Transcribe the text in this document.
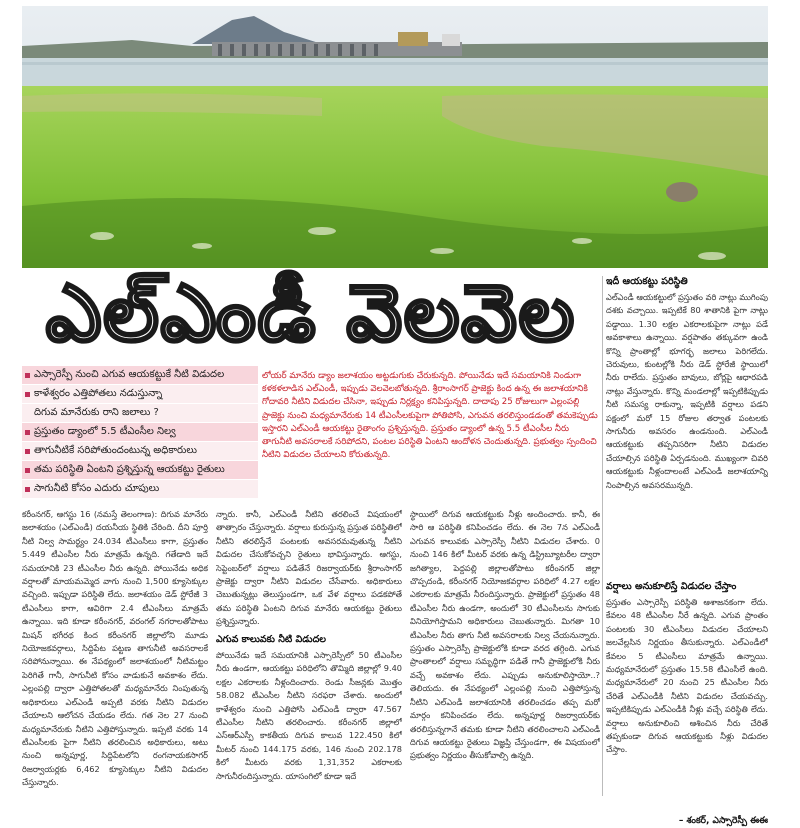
ఎల్‌ఎండీ వెలవెల
ఎస్సారెస్పీ నుంచి ఎగువ ఆయకట్టుకే నీటి విడుదల
కాళేశ్వరం ఎత్తిపోతలు నడుస్తున్నా
దిగువ మానేరుకు రాని జలాలు ?
ప్రస్తుతం డ్యాంలో 5.5 టీఎంసీల నిల్వ
తాగునీటికే సరిపోతుందంటున్న అధికారులు
తమ పరిస్థితి ఏంటని ప్రశ్నిస్తున్న ఆయకట్టు రైతులు
సాగునీటి కోసం ఎదురు చూపులు
లోయర్ మానేరు డ్యాం జలాశయం అట్టడుగుకు చేరుకున్నది. పోయినేడు ఇదే సమయానికి నిండుగా కళకళలాడిన ఎల్‌ఎండీ, ఇప్పుడు వెలవెలబోతున్నది. శ్రీరాంసాగర్ ప్రాజెక్టు కింద ఉన్న ఈ జలాశయానికి గోదావరి నీటిని విడుదల చేసినా, ఇప్పుడు నిర్లక్ష్యం కనిపిస్తున్నది. దాదాపు 25 రోజులుగా ఎల్లంపల్లి ప్రాజెక్టు నుంచి మధ్యమానేరుకు 14 టీఎంసీలకుపైగా పోతిపోసి, ఎగువన తరలిస్తుండడంతో తమకెప్పుడు ఇస్తారని ఎల్‌ఎండీ ఆయకట్టు రైతాంగం ప్రశ్నిస్తున్నది. ప్రస్తుతం డ్యాంలో ఉన్న 5.5 టీఎంసీల నీరు తాగునీటి అవసరాలకే సరిపోదని, పంటల పరిస్థితి ఏంటని ఆందోళన చెందుతున్నది. ప్రభుత్వం స్పందించి నీటిని విడుదల చేయాలని కోరుతున్నది.
కరీంనగర్, ఆగస్టు 16 (నమస్తే తెలంగాణ): దిగువ మానేరు జలాశయం (ఎల్‌ఎండీ) దయనీయ స్థితికి చేరింది. దీని పూర్తి నీటి నిల్వ సామర్థ్యం 24.034 టీఎంసీలు కాగా, ప్రస్తుతం 5.449 టీఎంసీల నీరు మాత్రమే ఉన్నది. గతేడాది ఇదే సమయానికి 23 టీఎంసీల నీరు ఉన్నది. పోయినేడు అధిక వర్షాలతో మాయమమ్మెద వాగు నుంచి 1,500 క్యూసెక్కుల వచ్చింది. ఇప్పుడా పరిస్థితి లేదు. జలాశయం డెడ్ స్టోరేజీ 3 టీఎంసీలు కాగా, ఆవిరిగా 2.4 టీఎంసీలు మాత్రమే ఉన్నాయి. ఇది కూడా కరీంనగర్, వరంగల్ నగరాలతోపాటు మిషన్ భగీరథ కింద కరీంనగర్ జిల్లాలోని మూడు నియోజకవర్గాలు, సిద్దిపేట పట్టణ తాగునీటి అవసరాలకే సరిపోనున్నాయి. ఈ నేపథ్యంలో జలాశయంలో నీటిమట్టం పెరిగితే గానీ, సాగునీటి కోసం వాడుకునే అవకాశం లేదు. ఎల్లంపల్లి ద్వారా ఎత్తిపోతలతో మధ్యమానేరు నింపుతున్న అధికారులు ఎల్‌ఎండీ అప్పటి వరకు నీటిని విడుదల చేయాలని ఆలోచన చేయడం లేదు. గత నెల 27 నుంచి మధ్యమానేరుకు నీటిని ఎత్తిపోస్తున్నారు. ఇప్పటి వరకు 14 టీఎంసీలకు పైగా నీటిని తరలించిన అధికారులు, అటు నుంచి అన్నపూర్ణ, సిద్దిపేటలోని రంగనాయకసాగర్ రిజర్వాయర్లకు 6,462 క్యూసెక్కుల నీటిని విడుదల చేస్తున్నారు.
న్నారు. కానీ, ఎల్‌ఎండీ నీటిని తరలించే విషయంలో తాత్సారం చేస్తున్నారు. వర్షాలు కురుస్తున్న ప్రస్తుత పరిస్థితిలో నీటిని తరలిస్తేనే పంటలకు అవసరమవుతున్న నీటిని విడుదల చేసుకోవచ్చని రైతులు భావిస్తున్నారు. ఆగస్టు, సెప్టెంబర్‌లో వర్షాలు పడితేనే రిజర్వాయర్‌కు శ్రీరాంసాగర్ ప్రాజెక్టు ద్వారా నీటిని విడుదల చేసేవారు. అధికారులు చెబుతున్నట్లు తెలుస్తుండగా, ఒక వేళ వర్షాలు పడకపోతే తమ పరిస్థితి ఏంటని దిగువ మానేరు ఆయకట్టు రైతులు ప్రశ్నిస్తున్నారు.
ఎగువ కాలువకు నీటి విడుదల
పోయినేడు ఇదే సమయానికి ఎస్సారెస్పీలో 50 టీఎంసీల నీరు ఉండగా, ఆయకట్టు పరిధిలోని తొమ్మిది జిల్లాల్లో 9.40 లక్షల ఎకరాలకు నీళ్లందించారు. రెండు సీజన్లకు మొత్తం 58.082 టీఎంసీల నీటిని సరఫరా చేశారు. అందులో కాళేశ్వరం నుంచి ఎత్తిపోసి ఎల్‌ఎండీ ద్వారా 47.567 టీఎంసీల నీటిని తరలించారు. కరీంనగర్ జిల్లాలో ఎస్‌ఆర్‌ఎస్పీ కాకతీయ దిగువ కాలువ 122.450 కిలో మీటర్ నుంచి 144.175 వరకు, 146 నుంచి 202.178 కిలో మీటరు వరకు 1,31,352 ఎకరాలకు సాగునీరందిస్తున్నారు. యాసంగిలో కూడా ఇదే
స్థాయిలో దిగువ ఆయకట్టుకు నీళ్లు అందించారు. కానీ, ఈ సారి ఆ పరిస్థితి కనిపించడం లేదు. ఈ నెల 7న ఎల్‌ఎండీ ఎగువన కాలువకు ఎస్సారెస్పీ నీటిని విడుదల చేశారు. 0 నుంచి 146 కిలో మీటర్ వరకు ఉన్న డిస్ట్రిబ్యూటరీల ద్వారా జగిత్యాల, పెద్దపల్లి జిల్లాలతోపాటు కరీంనగర్ జిల్లా చొప్పదండి, కరీంనగర్ నియోజకవర్గాల పరిధిలో 4.27 లక్షల ఎకరాలకు మాత్రమే నీరందిస్తున్నారు. ప్రాజెక్టులో ప్రస్తుతం 48 టీఎంసీల నీరు ఉండగా, అందులో 30 టీఎంసీలను సాగుకు వినియోగిస్తామని అధికారులు చెబుతున్నారు. మిగతా 10 టీఎంసీల నీరు తాగు నీటి అవసరాలకు నిల్వ చేయనున్నారు. ప్రస్తుతం ఎస్సారెస్పీ ప్రాజెక్టులోకి కూడా వరద తగ్గింది. ఎగువ ప్రాంతాలలో వర్షాలు సమృద్ధిగా పడితే గానీ ప్రాజెక్టులోకి నీరు వచ్చే అవకాశం లేదు. ఎప్పుడు అనుకూలిస్తాయో..? తెలియదు. ఈ నేపథ్యంలో ఎల్లంపల్లి నుంచి ఎత్తిపోస్తున్న నీటిని ఎల్‌ఎండీ జలాశయానికి తరలించడం తప్ప మరో మార్గం కనిపించడం లేదు. అన్నపూర్ణ రిజర్వాయర్‌కు తరలిస్తున్నగానే తమకు కూడా నీటిని తరలించాలని ఎల్‌ఎండీ దిగువ ఆయకట్టు రైతులు విజ్ఞప్తి చేస్తుండగా, ఈ విషయంలో ప్రభుత్వం నిర్ణయం తీసుకోవాల్సి ఉన్నది.
ఇదీ ఆయకట్టు పరిస్థితి
ఎల్‌ఎండీ ఆయకట్టులో ప్రస్తుతం వరి నాట్లు ముగింపు దశకు వచ్చాయి. ఇప్పటికే 80 శాతానికి పైగా నాట్లు పడ్డాయి. 1.30 లక్షల ఎకరాలకుపైగా నాట్లు పడే అవకాశాలు ఉన్నాయి. వర్షపాతం తక్కువగా ఉండి కొన్ని ప్రాంతాల్లో భూగర్భ జలాలు పెరిగలేదు. చెరువులు, కుంటల్లోకి నీరు డెడ్ స్టోరేజీ స్థాయిలో నీరు రాలేదు. ప్రస్తుతం బావులు, బోర్లపై ఆధారపడి నాట్లు వేస్తున్నారు. కొన్ని మండలాల్లో ఇప్పటికిప్పుడు నీటి సమస్య రాకున్నా, ఇప్పటికి వర్షాలు పడని పక్షంలో మరో 15 రోజుల తర్వాత పంటలకు సాగునీరు అవసరం ఉండనుంది. ఎల్‌ఎండీ ఆయకట్టుకు తప్పనిసరిగా నీటిని విడుదల చేయాల్సిన పరిస్థితి ఏర్పడనుంది. ముఖ్యంగా చివరి ఆయకట్టుకు నీళ్లందాలంటే ఎల్‌ఎండీ జలాశయాన్ని నింపాల్సిన అవసరమున్నది.
వర్షాలు అనుకూలిస్తే విడుదల చేస్తాం
ప్రస్తుతం ఎస్సారెస్పీ పరిస్థితి ఆశాజనకంగా లేదు. కేవలం 48 టీఎంసీల నీరే ఉన్నది. ఎగువ ప్రాంతం పంటలకు 30 టీఎంసీలు విడుదల చేయాలని జలవేల్లసిన నిర్ణయం తీసుకున్నారు. ఎల్‌ఎండీలో కేవలం 5 టీఎంసీలు మాత్రమే ఉన్నాయి. మధ్యమానేరులో ప్రస్తుతం 15.58 టీఎంసీలే ఉంది. మధ్యమానేరులో 20 నుంచి 25 టీఎంసీల నీరు చేరితే ఎల్‌ఎండీకి నీటిని విడుదల చేయవచ్చు. ఇప్పటికిప్పుడు ఎల్‌ఎండీకి నీళ్లు వచ్చే పరిస్థితి లేదు. వర్షాలు అనుకూలించి ఆశించిన నీరు చేరితే తప్పకుండా దిగువ ఆయకట్టుకు నీళ్లు విడుదల చేస్తాం.
– శంకర్, ఎస్సారెస్పీ ఈఈ
